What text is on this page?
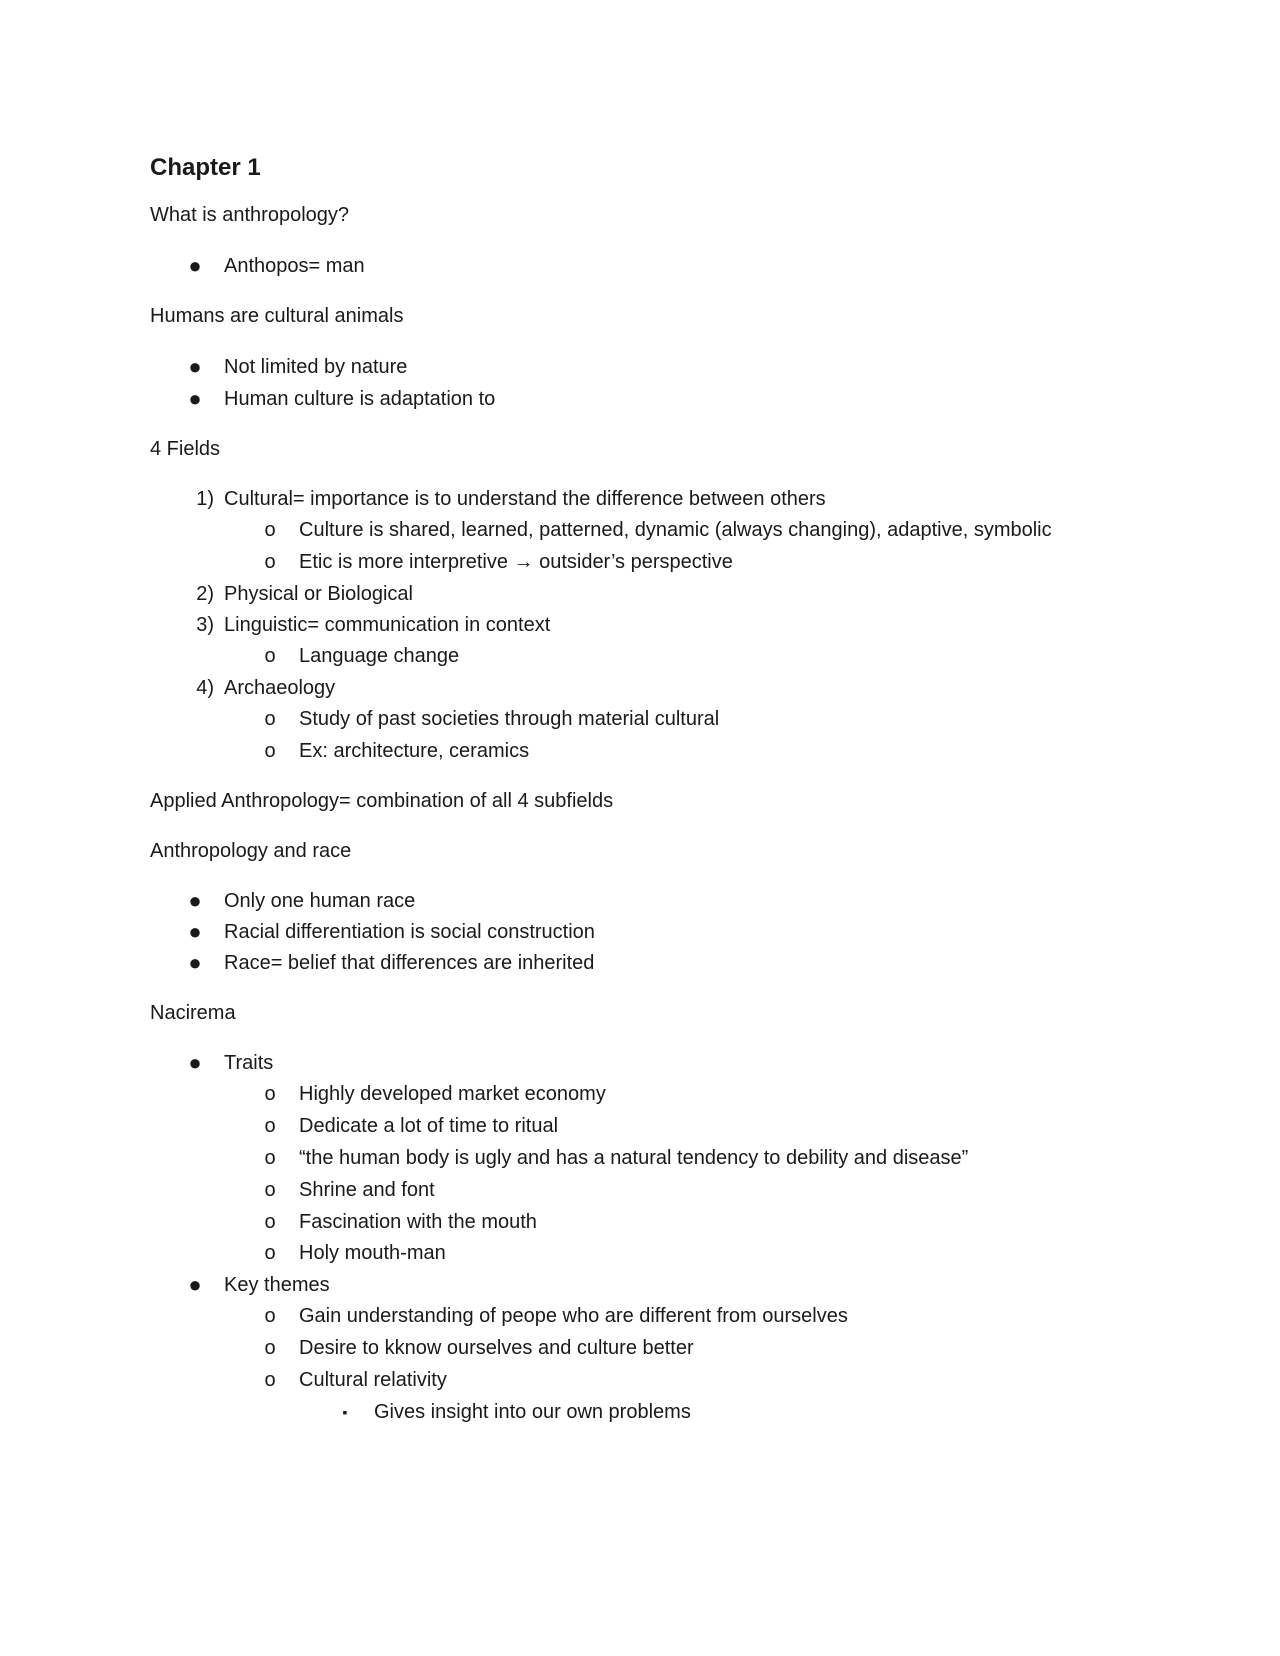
Chapter 1
What is anthropology?
●	Anthopos= man
Humans are cultural animals
●	Not limited by nature
●	Human culture is adaptation to
4 Fields
1) Cultural= importance is to understand the difference between others
o	Culture is shared, learned, patterned, dynamic (always changing), adaptive, symbolic
o	Etic is more interpretive → outsider’s perspective
2) Physical or Biological
3) Linguistic= communication in context
o	Language change
4) Archaeology
o	Study of past societies through material cultural
o	Ex: architecture, ceramics
Applied Anthropology= combination of all 4 subfields
Anthropology and race
●	Only one human race
●	Racial differentiation is social construction
●	Race= belief that differences are inherited
Nacirema
●	Traits
o	Highly developed market economy
o	Dedicate a lot of time to ritual
o	“the human body is ugly and has a natural tendency to debility and disease”
o	Shrine and font
o	Fascination with the mouth
o	Holy mouth-man
●	Key themes
o	Gain understanding of peope who are different from ourselves
o	Desire to kknow ourselves and culture better
o	Cultural relativity
▪	Gives insight into our own problems
